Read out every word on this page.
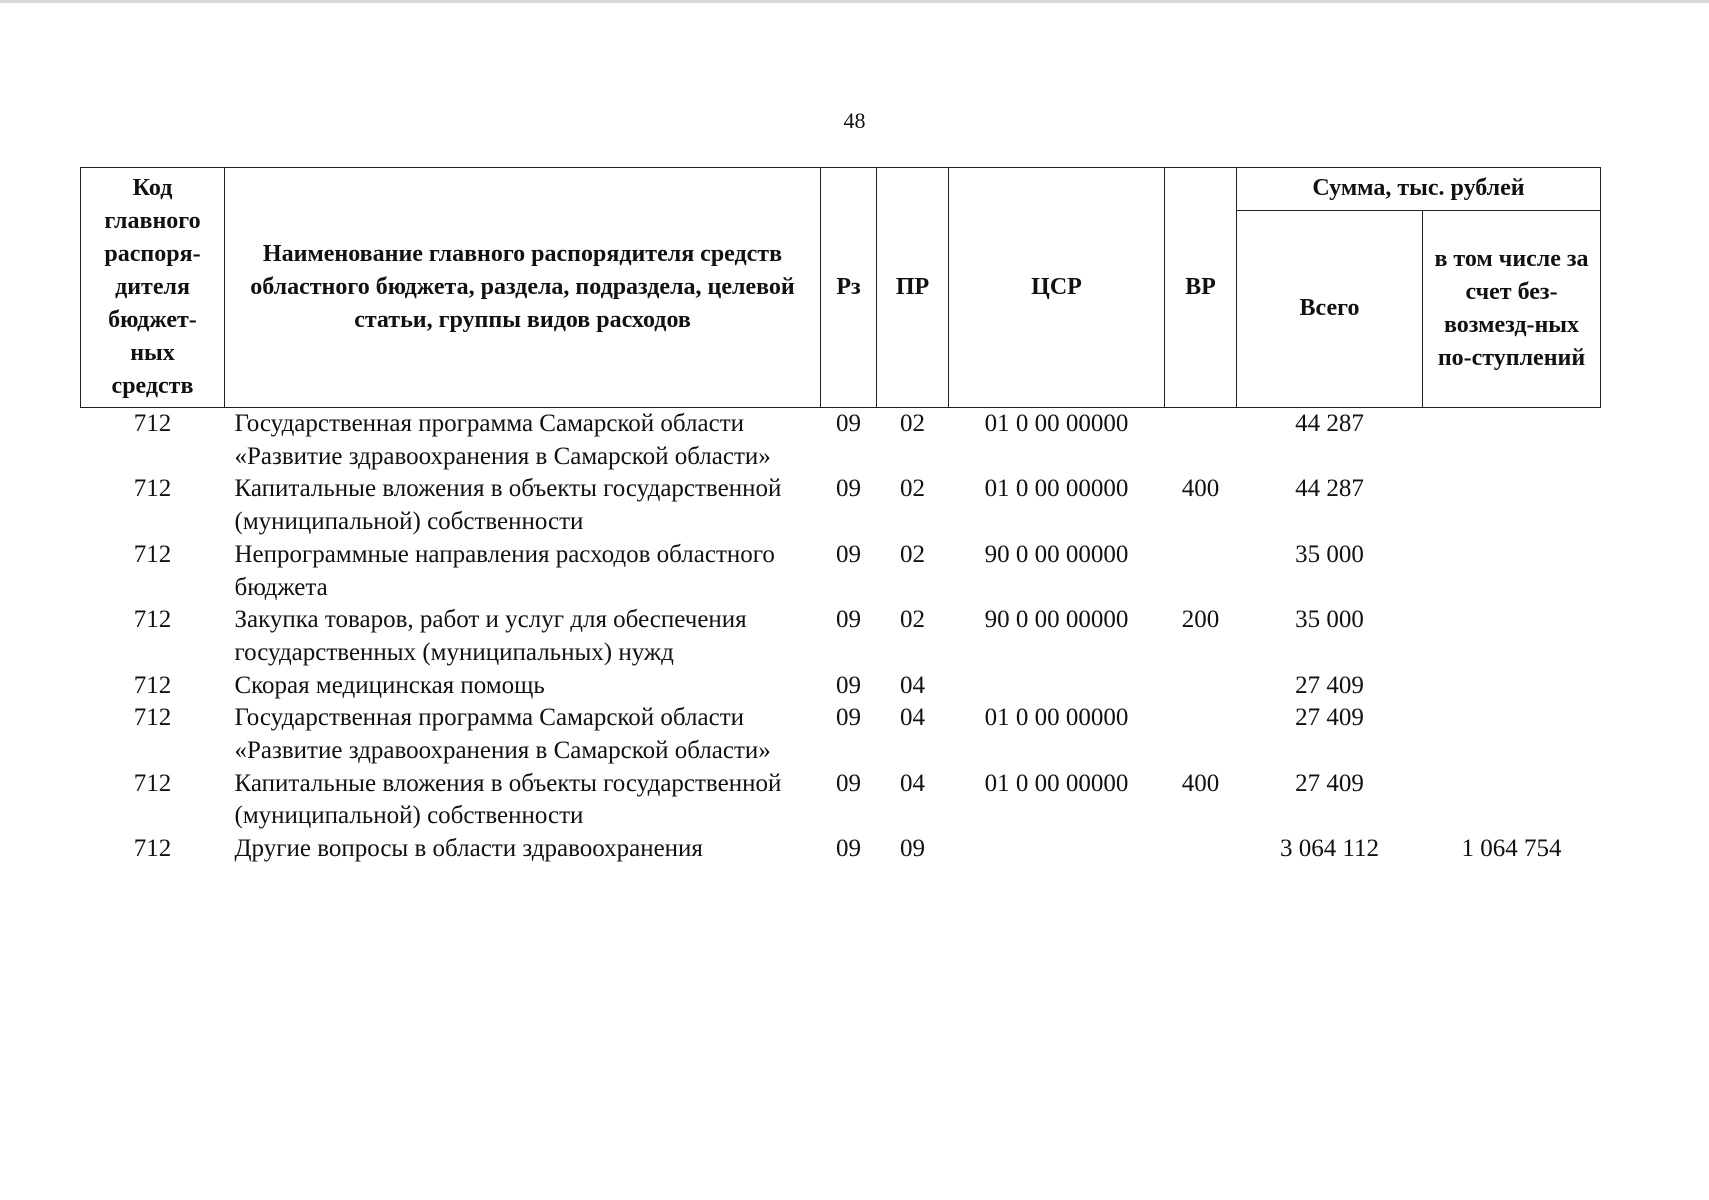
48
Код главного распоря-дителя бюджет-ных средств	Наименование главного распорядителя средств областного бюджета, раздела, подраздела, целевой статьи, группы видов расходов	Рз	ПР	ЦСР	ВР	Сумма, тыс. рублей	
						Всего	в том числе за счет без-возмезд-ных по-ступлений
712	Государственная программа Самарской области «Развитие здравоохранения в Самарской области»	09	02	01 0 00 00000		44 287	
712	Капитальные вложения в объекты государственной (муниципальной) собственности	09	02	01 0 00 00000	400	44 287	
712	Непрограммные направления расходов областного бюджета	09	02	90 0 00 00000		35 000	
712	Закупка товаров, работ и услуг для обеспечения государственных (муниципальных) нужд	09	02	90 0 00 00000	200	35 000	
712	Скорая медицинская помощь	09	04			27 409	
712	Государственная программа Самарской области «Развитие здравоохранения в Самарской области»	09	04	01 0 00 00000		27 409	
712	Капитальные вложения в объекты государственной (муниципальной) собственности	09	04	01 0 00 00000	400	27 409	
712	Другие вопросы в области здравоохранения	09	09			3 064 112	1 064 754
